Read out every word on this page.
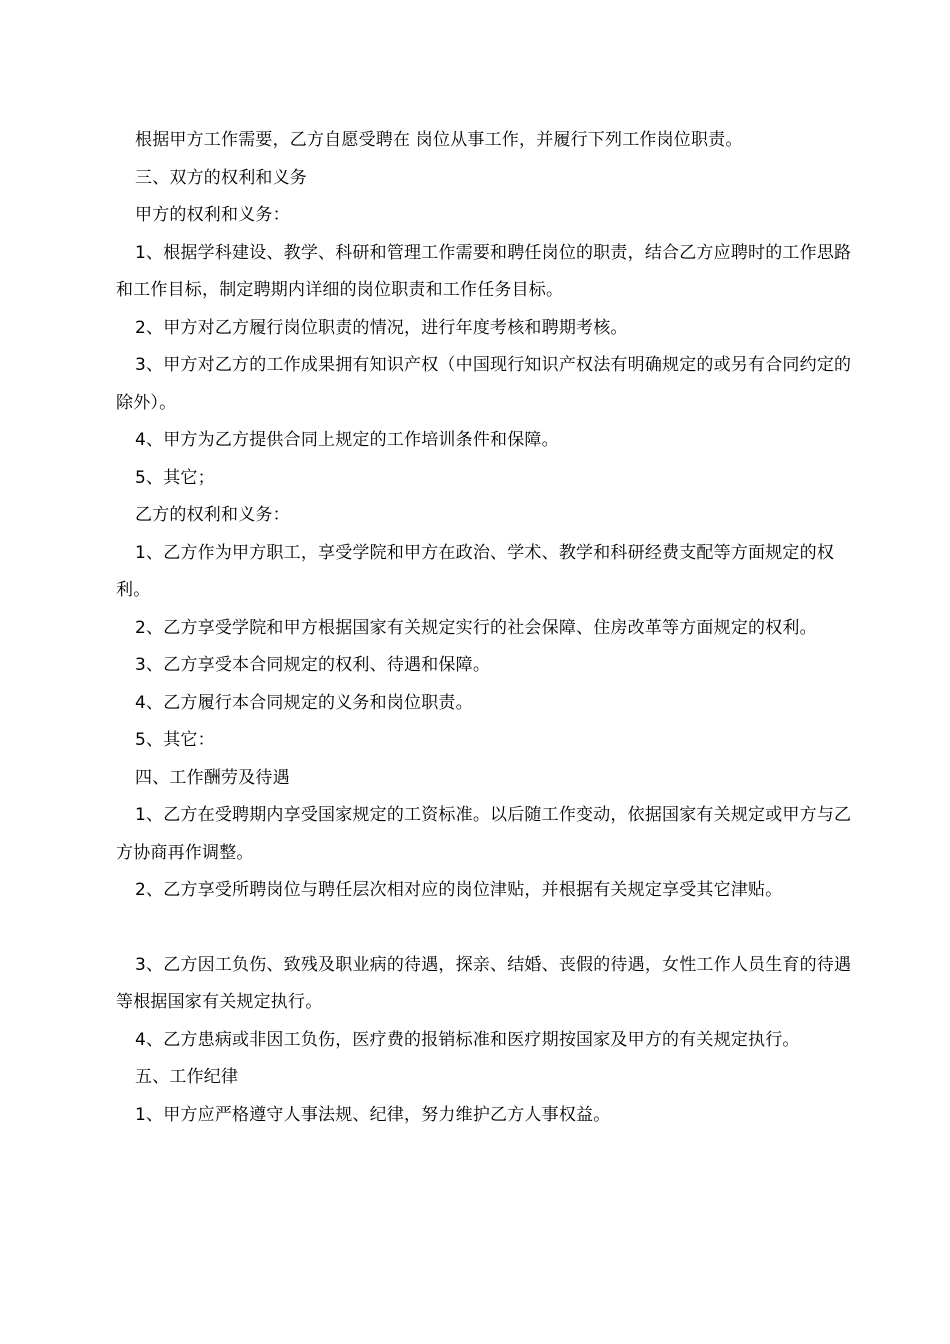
根据甲方工作需要，乙方自愿受聘在 岗位从事工作，并履行下列工作岗位职责。

三、双方的权利和义务

甲方的权利和义务：

1、根据学科建设、教学、科研和管理工作需要和聘任岗位的职责，结合乙方应聘时的工作思路和工作目标，制定聘期内详细的岗位职责和工作任务目标。

2、甲方对乙方履行岗位职责的情况，进行年度考核和聘期考核。

3、甲方对乙方的工作成果拥有知识产权（中国现行知识产权法有明确规定的或另有合同约定的除外）。

4、甲方为乙方提供合同上规定的工作培训条件和保障。

5、其它；

乙方的权利和义务：

1、乙方作为甲方职工，享受学院和甲方在政治、学术、教学和科研经费支配等方面规定的权利。

2、乙方享受学院和甲方根据国家有关规定实行的社会保障、住房改革等方面规定的权利。

3、乙方享受本合同规定的权利、待遇和保障。

4、乙方履行本合同规定的义务和岗位职责。

5、其它：

四、工作酬劳及待遇

1、乙方在受聘期内享受国家规定的工资标准。以后随工作变动，依据国家有关规定或甲方与乙方协商再作调整。

2、乙方享受所聘岗位与聘任层次相对应的岗位津贴，并根据有关规定享受其它津贴。

3、乙方因工负伤、致残及职业病的待遇，探亲、结婚、丧假的待遇，女性工作人员生育的待遇等根据国家有关规定执行。

4、乙方患病或非因工负伤，医疗费的报销标准和医疗期按国家及甲方的有关规定执行。

五、工作纪律

1、甲方应严格遵守人事法规、纪律，努力维护乙方人事权益。
